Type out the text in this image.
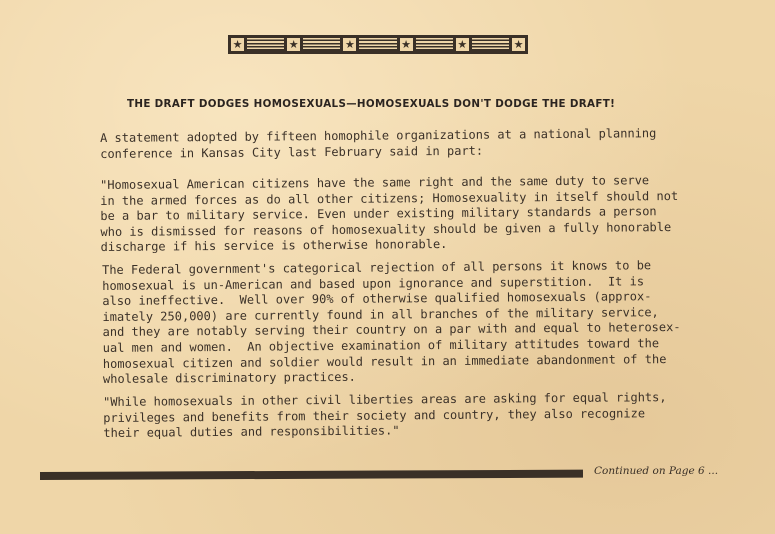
★	★	★	★	★	★
THE DRAFT DODGES HOMOSEXUALS—HOMOSEXUALS DON'T DODGE THE DRAFT!

A statement adopted by fifteen homophile organizations at a national planning
conference in Kansas City last February said in part:

"Homosexual American citizens have the same right and the same duty to serve
in the armed forces as do all other citizens; Homosexuality in itself should not
be a bar to military service. Even under existing military standards a person
who is dismissed for reasons of homosexuality should be given a fully honorable
discharge if his service is otherwise honorable.

The Federal government's categorical rejection of all persons it knows to be
homosexual is un-American and based upon ignorance and superstition.  It is
also ineffective.  Well over 90% of otherwise qualified homosexuals (approx-
imately 250,000) are currently found in all branches of the military service,
and they are notably serving their country on a par with and equal to heterosex-
ual men and women.  An objective examination of military attitudes toward the
homosexual citizen and soldier would result in an immediate abandonment of the
wholesale discriminatory practices.

"While homosexuals in other civil liberties areas are asking for equal rights,
privileges and benefits from their society and country, they also recognize
their equal duties and responsibilities."

Continued on Page 6 ...
